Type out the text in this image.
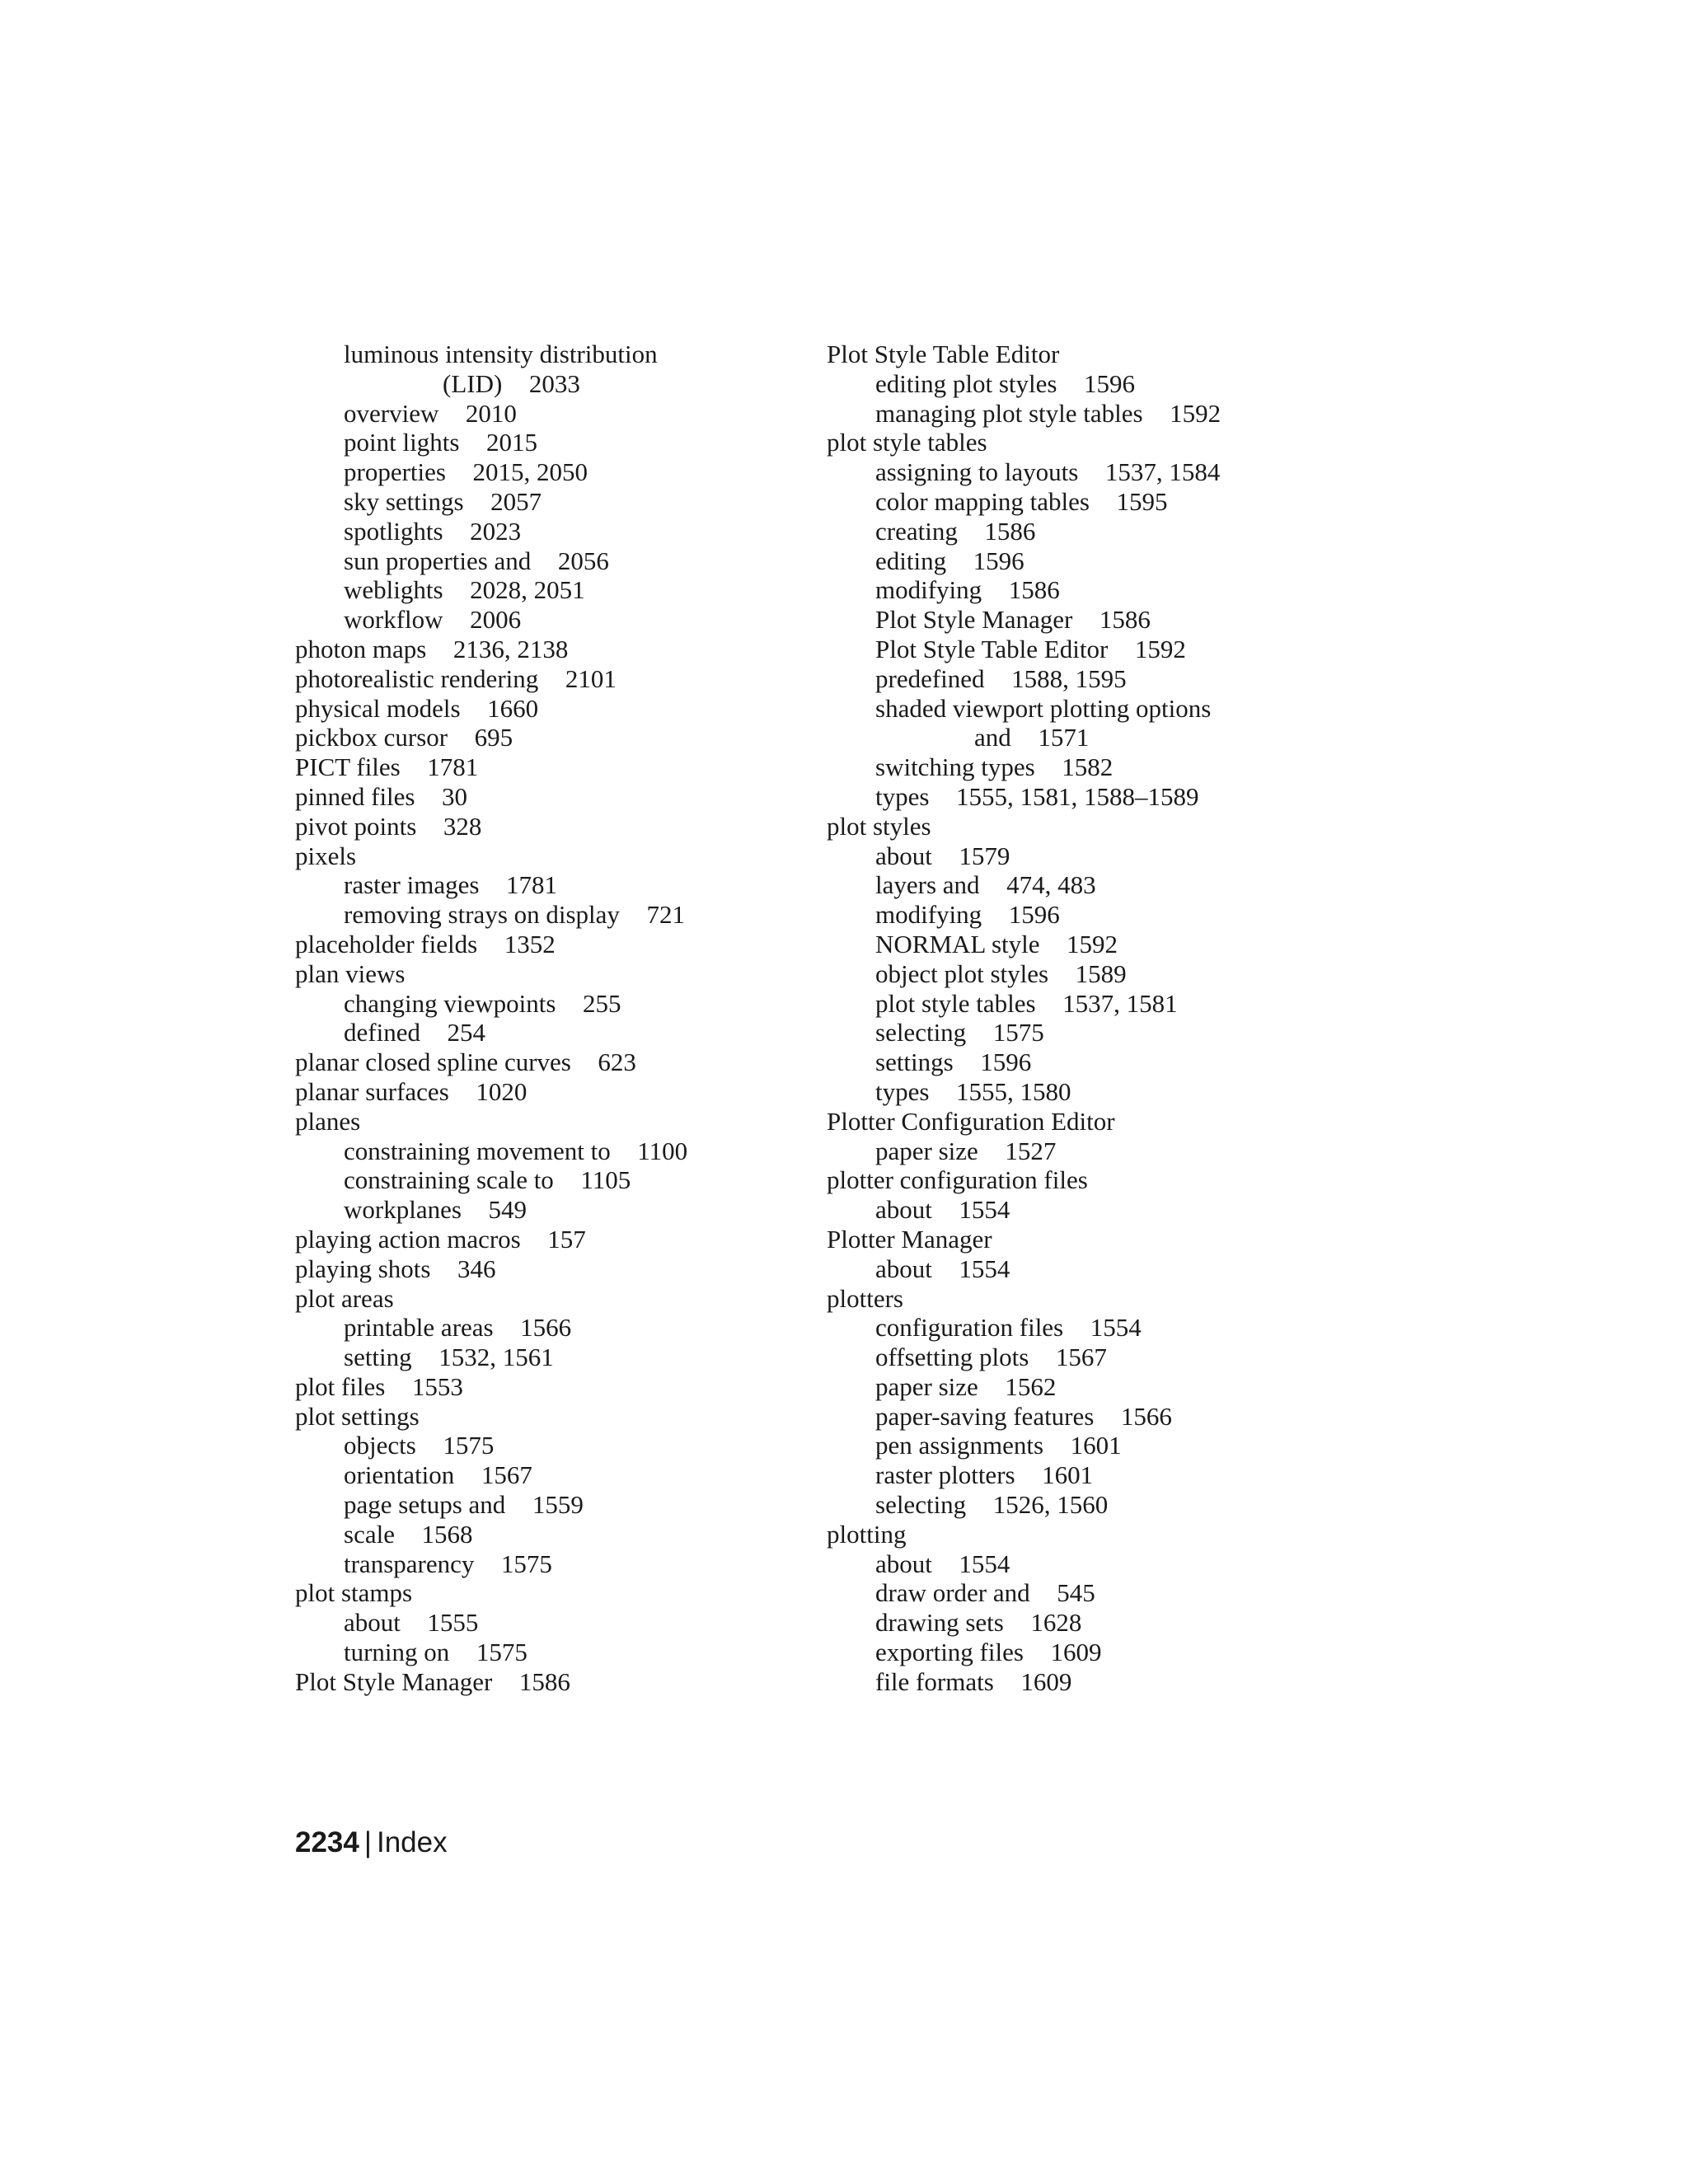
luminous intensity distribution
(LID) 2033
overview 2010
point lights 2015
properties 2015, 2050
sky settings 2057
spotlights 2023
sun properties and 2056
weblights 2028, 2051
workflow 2006
photon maps 2136, 2138
photorealistic rendering 2101
physical models 1660
pickbox cursor 695
PICT files 1781
pinned files 30
pivot points 328
pixels
raster images 1781
removing strays on display 721
placeholder fields 1352
plan views
changing viewpoints 255
defined 254
planar closed spline curves 623
planar surfaces 1020
planes
constraining movement to 1100
constraining scale to 1105
workplanes 549
playing action macros 157
playing shots 346
plot areas
printable areas 1566
setting 1532, 1561
plot files 1553
plot settings
objects 1575
orientation 1567
page setups and 1559
scale 1568
transparency 1575
plot stamps
about 1555
turning on 1575
Plot Style Manager 1586
Plot Style Table Editor
editing plot styles 1596
managing plot style tables 1592
plot style tables
assigning to layouts 1537, 1584
color mapping tables 1595
creating 1586
editing 1596
modifying 1586
Plot Style Manager 1586
Plot Style Table Editor 1592
predefined 1588, 1595
shaded viewport plotting options
and 1571
switching types 1582
types 1555, 1581, 1588–1589
plot styles
about 1579
layers and 474, 483
modifying 1596
NORMAL style 1592
object plot styles 1589
plot style tables 1537, 1581
selecting 1575
settings 1596
types 1555, 1580
Plotter Configuration Editor
paper size 1527
plotter configuration files
about 1554
Plotter Manager
about 1554
plotters
configuration files 1554
offsetting plots 1567
paper size 1562
paper-saving features 1566
pen assignments 1601
raster plotters 1601
selecting 1526, 1560
plotting
about 1554
draw order and 545
drawing sets 1628
exporting files 1609
file formats 1609
2234 | Index
